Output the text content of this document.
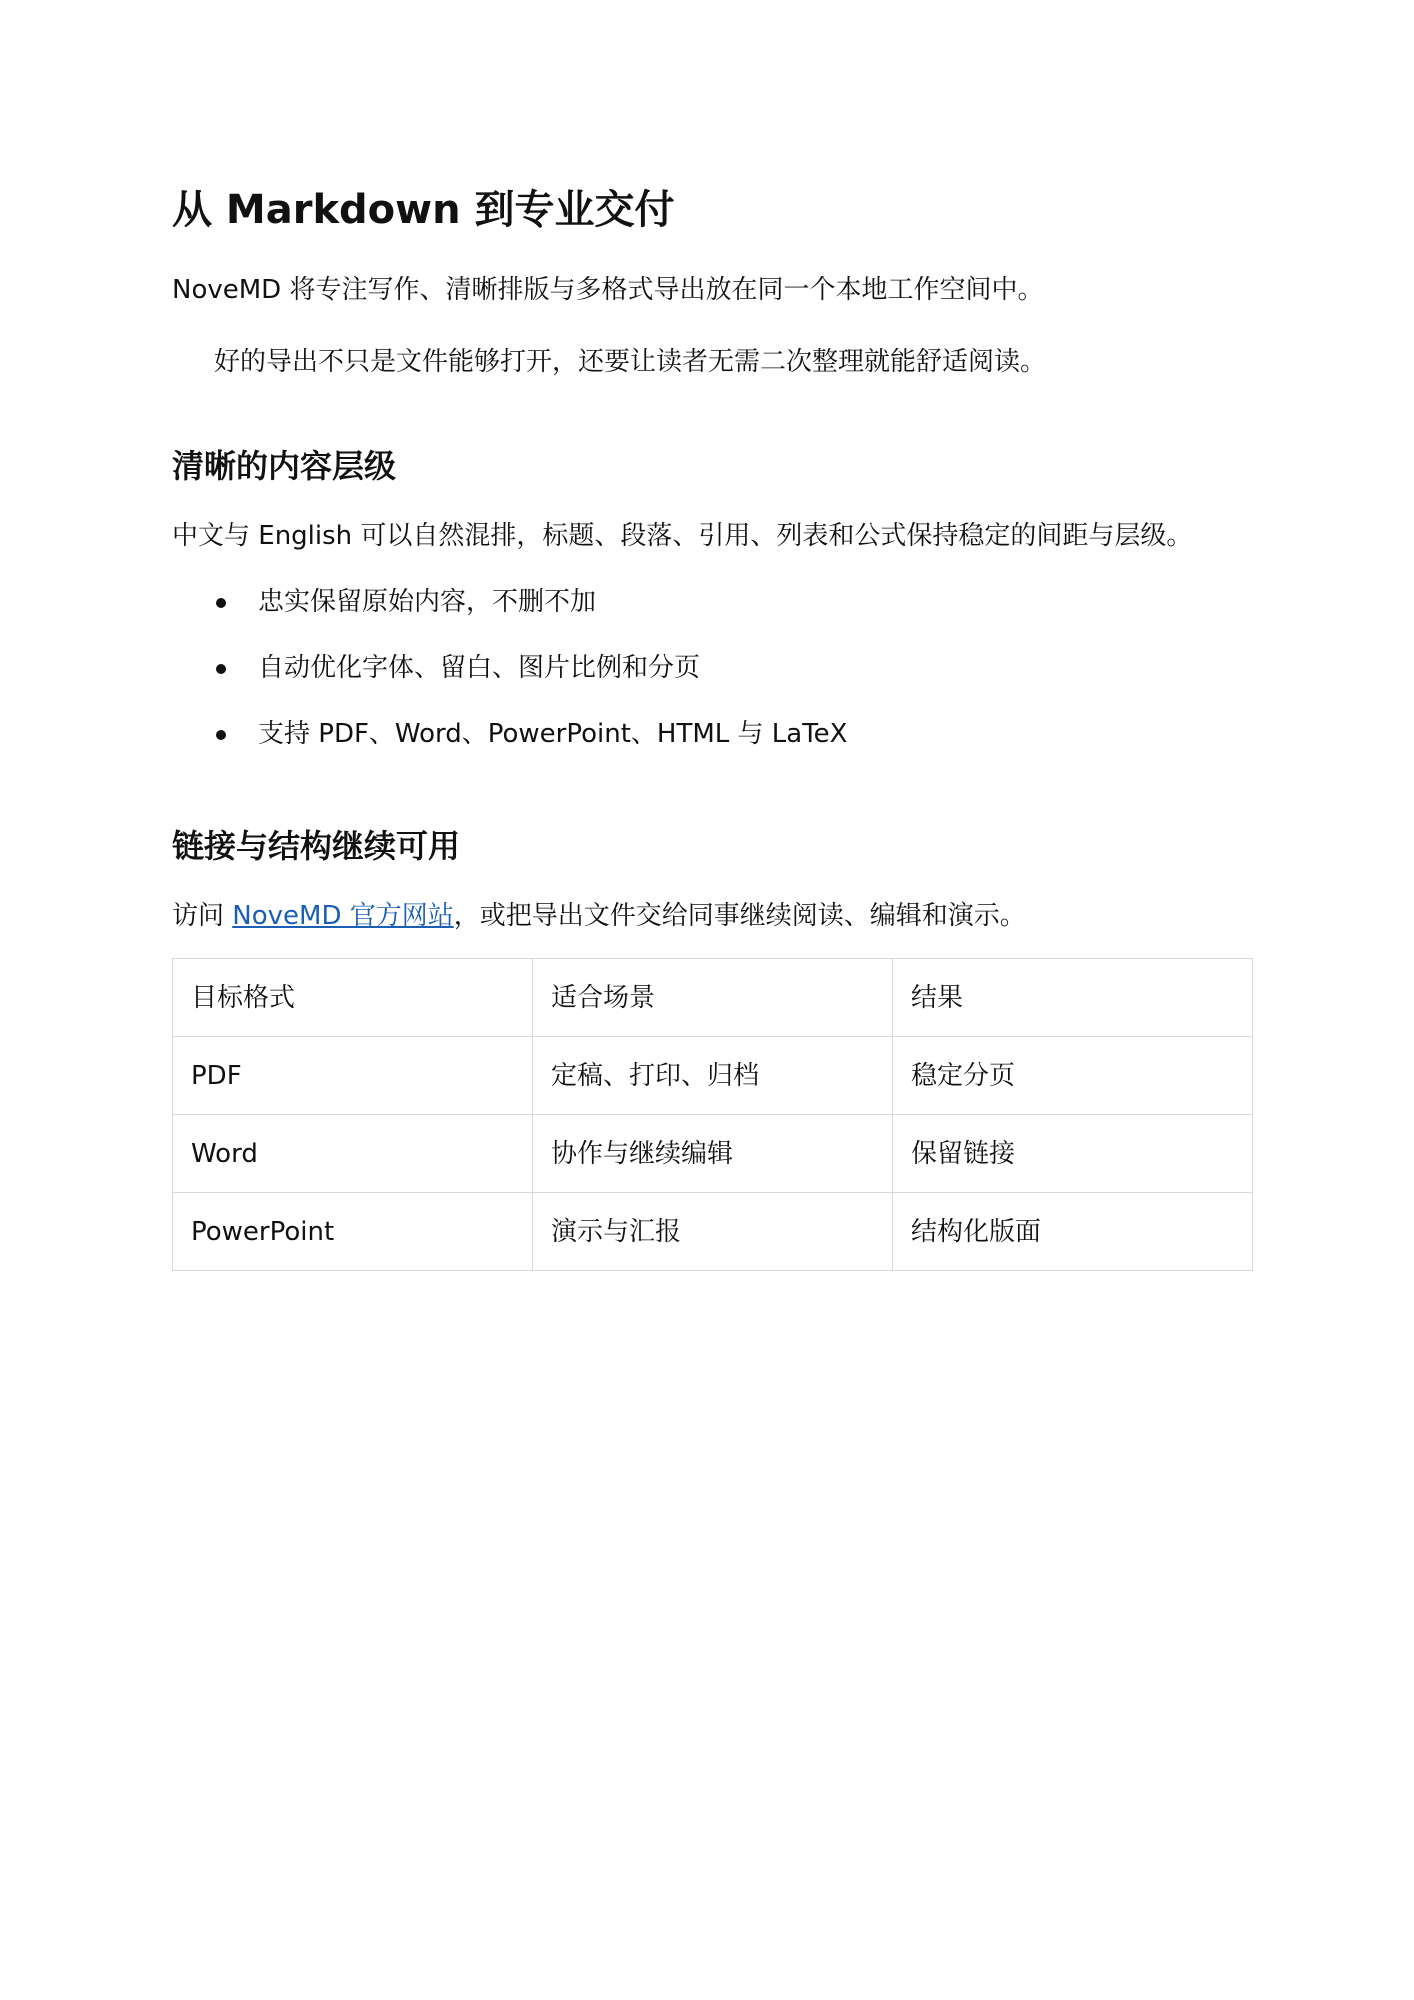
从 Markdown 到专业交付

NoveMD 将专注写作、清晰排版与多格式导出放在同一个本地工作空间中。

好的导出不只是文件能够打开，还要让读者无需二次整理就能舒适阅读。
清晰的内容层级

中文与 English 可以自然混排，标题、段落、引用、列表和公式保持稳定的间距与层级。

忠实保留原始内容，不删不加
自动优化字体、留白、图片比例和分页
支持 PDF、Word、PowerPoint、HTML 与 LaTeX
链接与结构继续可用

访问 NoveMD 官方网站，或把导出文件交给同事继续阅读、编辑和演示。

目标格式	适合场景	结果
PDF	定稿、打印、归档	稳定分页
Word	协作与继续编辑	保留链接
PowerPoint	演示与汇报	结构化版面
